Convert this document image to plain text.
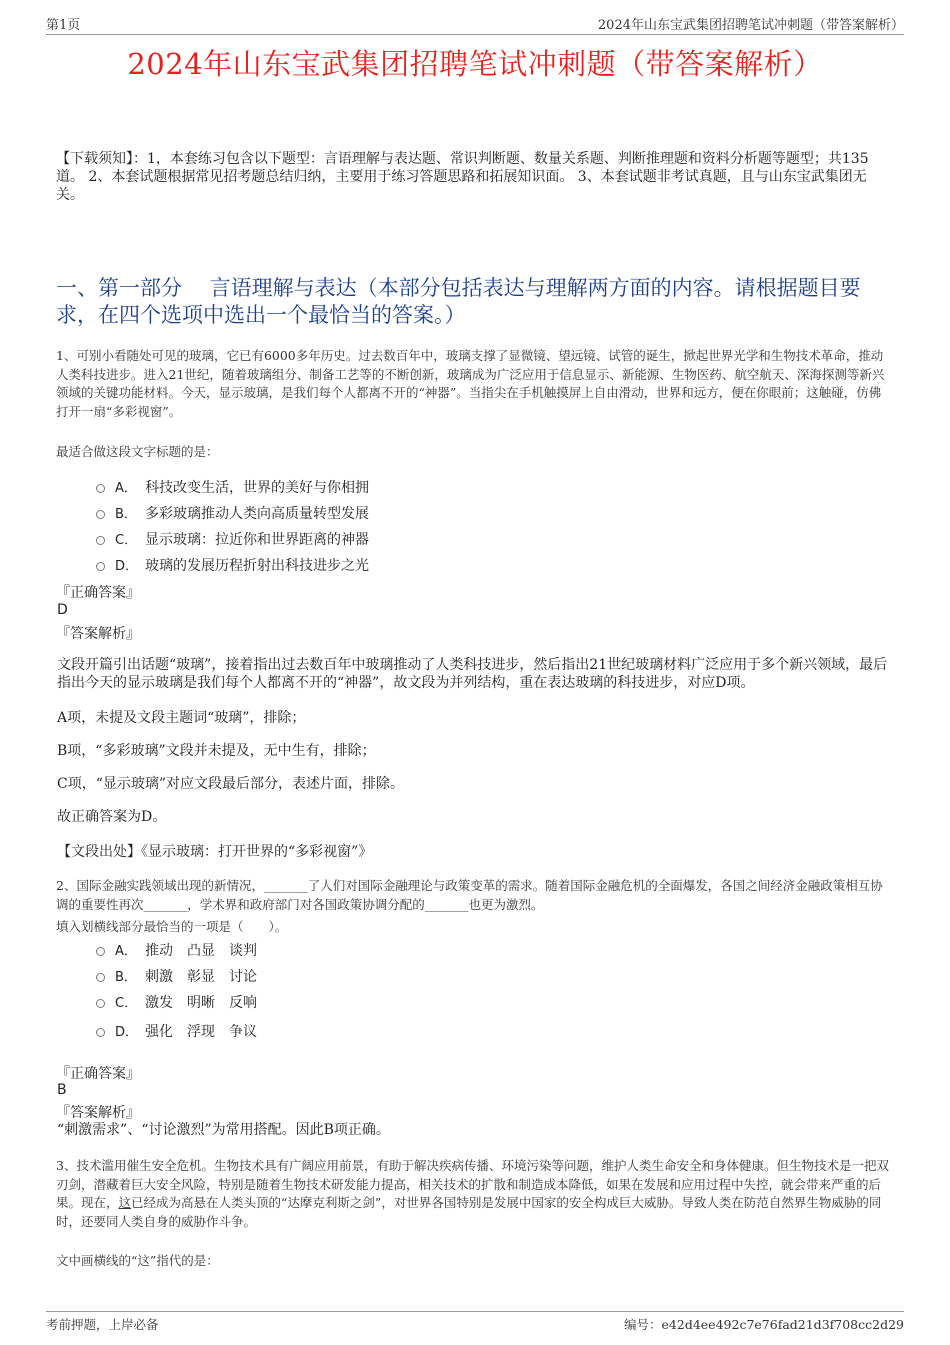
第1页	2024年山东宝武集团招聘笔试冲刺题（带答案解析）
2024年山东宝武集团招聘笔试冲刺题（带答案解析）
【下载须知】：1，本套练习包含以下题型：言语理解与表达题、常识判断题、数量关系题、判断推理题和资料分析题等题型；共135道。 2、本套试题根据常见招考题总结归纳，主要用于练习答题思路和拓展知识面。 3、本套试题非考试真题，且与山东宝武集团无关。
一、第一部分　 言语理解与表达（本部分包括表达与理解两方面的内容。请根据题目要求，在四个选项中选出一个最恰当的答案。）
1、可别小看随处可见的玻璃，它已有6000多年历史。过去数百年中，玻璃支撑了显微镜、望远镜、试管的诞生，掀起世界光学和生物技术革命，推动人类科技进步。进入21世纪，随着玻璃组分、制备工艺等的不断创新，玻璃成为广泛应用于信息显示、新能源、生物医药、航空航天、深海探测等新兴领域的关键功能材料。今天，显示玻璃，是我们每个人都离不开的“神器”。当指尖在手机触摸屏上自由滑动，世界和远方，便在你眼前；这触碰，仿佛打开一扇“多彩视窗”。
最适合做这段文字标题的是：
A． 科技改变生活，世界的美好与你相拥
B． 多彩玻璃推动人类向高质量转型发展
C． 显示玻璃：拉近你和世界距离的神器
D． 玻璃的发展历程折射出科技进步之光
『正确答案』
D
『答案解析』
文段开篇引出话题“玻璃”，接着指出过去数百年中玻璃推动了人类科技进步，然后指出21世纪玻璃材料广泛应用于多个新兴领域，最后指出今天的显示玻璃是我们每个人都离不开的“神器”，故文段为并列结构，重在表达玻璃的科技进步，对应D项。
A项，未提及文段主题词“玻璃”，排除；
B项，“多彩玻璃”文段并未提及，无中生有，排除；
C项，“显示玻璃”对应文段最后部分，表述片面，排除。
故正确答案为D。
【文段出处】《显示玻璃：打开世界的“多彩视窗”》
2、国际金融实践领域出现的新情况，_______了人们对国际金融理论与政策变革的需求。随着国际金融危机的全面爆发，各国之间经济金融政策相互协调的重要性再次_______，学术界和政府部门对各国政策协调分配的_______也更为激烈。
填入划横线部分最恰当的一项是（　　）。
A． 推动　凸显　谈判
B． 刺激　彰显　讨论
C． 激发　明晰　反响
D． 强化　浮现　争议
『正确答案』
B
『答案解析』
“刺激需求”、“讨论激烈”为常用搭配。因此B项正确。
3、技术滥用催生安全危机。生物技术具有广阔应用前景，有助于解决疾病传播、环境污染等问题，维护人类生命安全和身体健康。但生物技术是一把双刃剑，潜藏着巨大安全风险，特别是随着生物技术研发能力提高，相关技术的扩散和制造成本降低，如果在发展和应用过程中失控，就会带来严重的后果。现在，这已经成为高悬在人类头顶的“达摩克利斯之剑”，对世界各国特别是发展中国家的安全构成巨大威胁。导致人类在防范自然界生物威胁的同时，还要同人类自身的威胁作斗争。
文中画横线的“这”指代的是：
考前押题，上岸必备	编号：e42d4ee492c7e76fad21d3f708cc2d29
